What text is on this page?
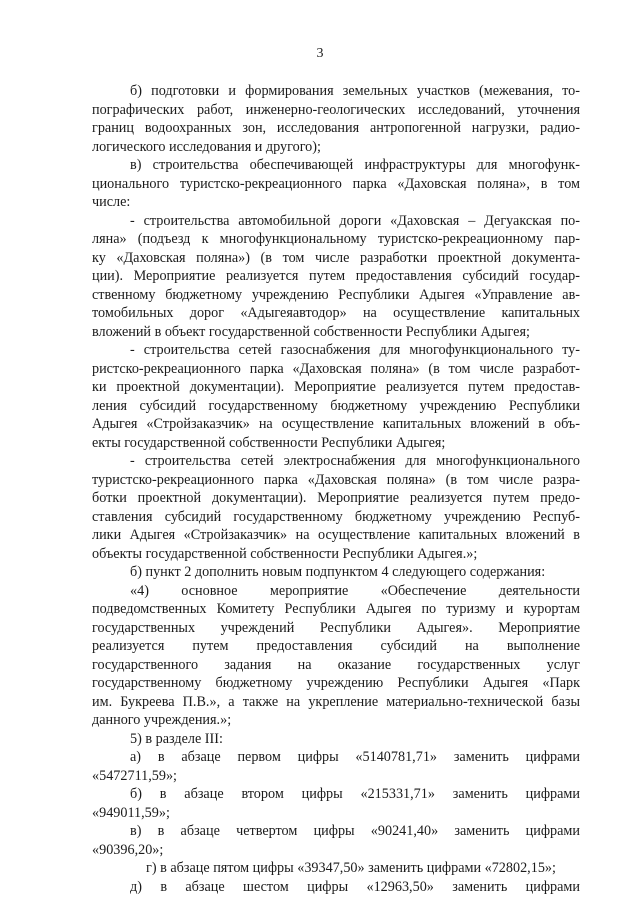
3
б) подготовки и формирования земельных участков (межевания, то-
пографических работ, инженерно-геологических исследований, уточнения
границ водоохранных зон, исследования антропогенной нагрузки, радио-
логического исследования и другого);
в) строительства обеспечивающей инфраструктуры для многофунк-
ционального туристско-рекреационного парка «Даховская поляна», в том
числе:
- строительства автомобильной дороги «Даховская – Дегуакская по-
ляна» (подъезд к многофункциональному туристско-рекреационному пар-
ку «Даховская поляна») (в том числе разработки проектной документа-
ции). Мероприятие реализуется путем предоставления субсидий государ-
ственному бюджетному учреждению Республики Адыгея «Управление ав-
томобильных дорог «Адыгеяавтодор» на осуществление капитальных
вложений в объект государственной собственности Республики Адыгея;
- строительства сетей газоснабжения для многофункционального ту-
ристско-рекреационного парка «Даховская поляна» (в том числе разработ-
ки проектной документации). Мероприятие реализуется путем предостав-
ления субсидий государственному бюджетному учреждению Республики
Адыгея «Стройзаказчик» на осуществление капитальных вложений в объ-
екты государственной собственности Республики Адыгея;
- строительства сетей электроснабжения для многофункционального
туристско-рекреационного парка «Даховская поляна» (в том числе разра-
ботки проектной документации). Мероприятие реализуется путем предо-
ставления субсидий государственному бюджетному учреждению Респуб-
лики Адыгея «Стройзаказчик» на осуществление капитальных вложений в
объекты государственной собственности Республики Адыгея.»;
б) пункт 2 дополнить новым подпунктом 4 следующего содержания:
«4) основное мероприятие «Обеспечение деятельности
подведомственных Комитету Республики Адыгея по туризму и курортам
государственных учреждений Республики Адыгея». Мероприятие
реализуется путем предоставления субсидий на выполнение
государственного задания на оказание государственных услуг
государственному бюджетному учреждению Республики Адыгея «Парк
им. Букреева П.В.», а также на укрепление материально-технической базы
данного учреждения.»;
5) в разделе III:
а) в абзаце первом цифры «5140781,71» заменить цифрами
«5472711,59»;
б) в абзаце втором цифры «215331,71» заменить цифрами
«949011,59»;
в) в абзаце четвертом цифры «90241,40» заменить цифрами
«90396,20»;
г) в абзаце пятом цифры «39347,50» заменить цифрами «72802,15»;
д) в абзаце шестом цифры «12963,50» заменить цифрами
